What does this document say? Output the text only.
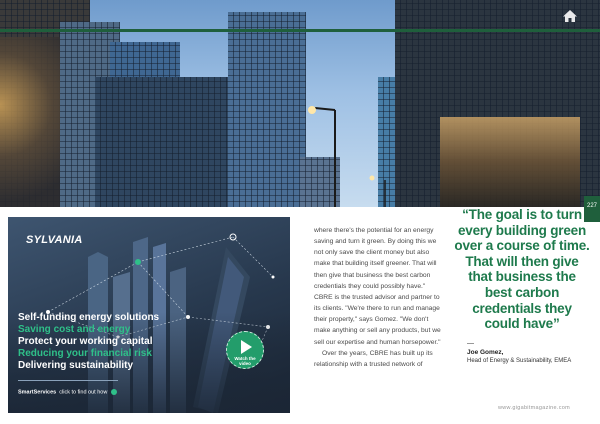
227
SYLVANIA
Self-funding energy solutions
Saving cost and energy
Protect your working capital
Reducing your financial risk
Delivering sustainability
Watch the
video
SmartServices click to find out how

where there's the potential for an energy saving and turn it green. By doing this we not only save the client money but also make that building itself greener. That will then give that business the best carbon credentials they could possibly have." CBRE is the trusted advisor and partner to its clients. "We're there to run and manage their property," says Gomez. "We don't make anything or sell any products, but we sell our expertise and human horsepower."

Over the years, CBRE has built up its relationship with a trusted network of

“The goal is to turn every building green over a course of time. That will then give that business the best carbon credentials they could have”
—
Joe Gomez,
Head of Energy & Sustainability, EMEA
www.gigabitmagazine.com
